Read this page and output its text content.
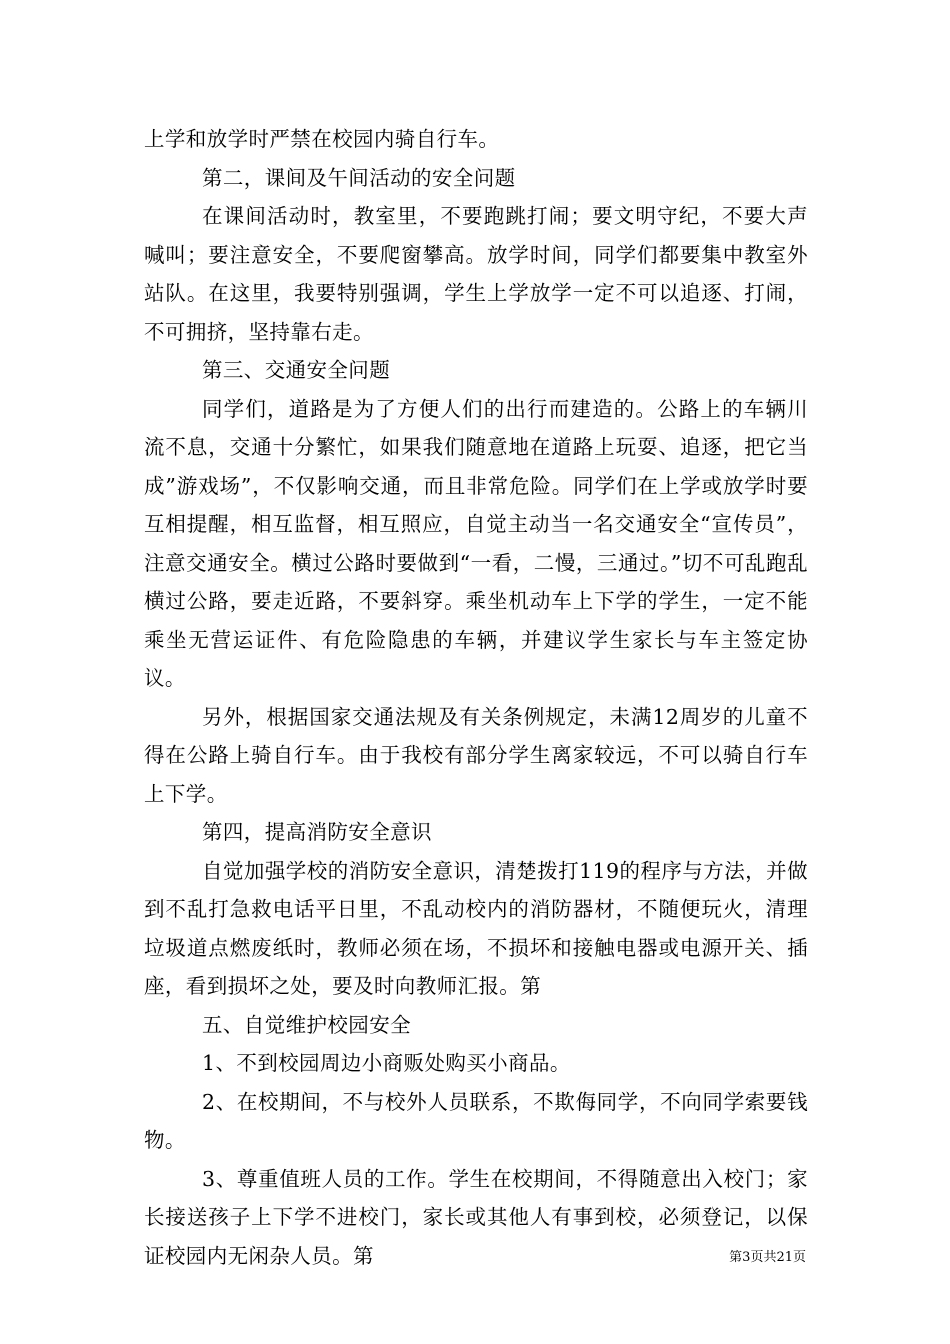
上学和放学时严禁在校园内骑自行车。

第二，课间及午间活动的安全问题

在课间活动时，教室里，不要跑跳打闹；要文明守纪，不要大声喊叫；要注意安全，不要爬窗攀高。放学时间，同学们都要集中教室外站队。在这里，我要特别强调，学生上学放学一定不可以追逐、打闹，不可拥挤，坚持靠右走。

第三、交通安全问题

同学们，道路是为了方便人们的出行而建造的。公路上的车辆川流不息，交通十分繁忙，如果我们随意地在道路上玩耍、追逐，把它当成”游戏场”，不仅影响交通，而且非常危险。同学们在上学或放学时要互相提醒，相互监督，相互照应，自觉主动当一名交通安全“宣传员”，注意交通安全。横过公路时要做到“一看，二慢，三通过。”切不可乱跑乱横过公路，要走近路，不要斜穿。乘坐机动车上下学的学生，一定不能乘坐无营运证件、有危险隐患的车辆，并建议学生家长与车主签定协议。

另外，根据国家交通法规及有关条例规定，未满12周岁的儿童不得在公路上骑自行车。由于我校有部分学生离家较远，不可以骑自行车上下学。

第四，提高消防安全意识

自觉加强学校的消防安全意识，清楚拨打119的程序与方法，并做到不乱打急救电话平日里，不乱动校内的消防器材，不随便玩火，清理垃圾道点燃废纸时，教师必须在场，不损坏和接触电器或电源开关、插座，看到损坏之处，要及时向教师汇报。第

五、自觉维护校园安全

1、不到校园周边小商贩处购买小商品。

2、在校期间，不与校外人员联系，不欺侮同学，不向同学索要钱物。

3、尊重值班人员的工作。学生在校期间，不得随意出入校门；家长接送孩子上下学不进校门，家长或其他人有事到校，必须登记，以保证校园内无闲杂人员。第	第3页共21页
